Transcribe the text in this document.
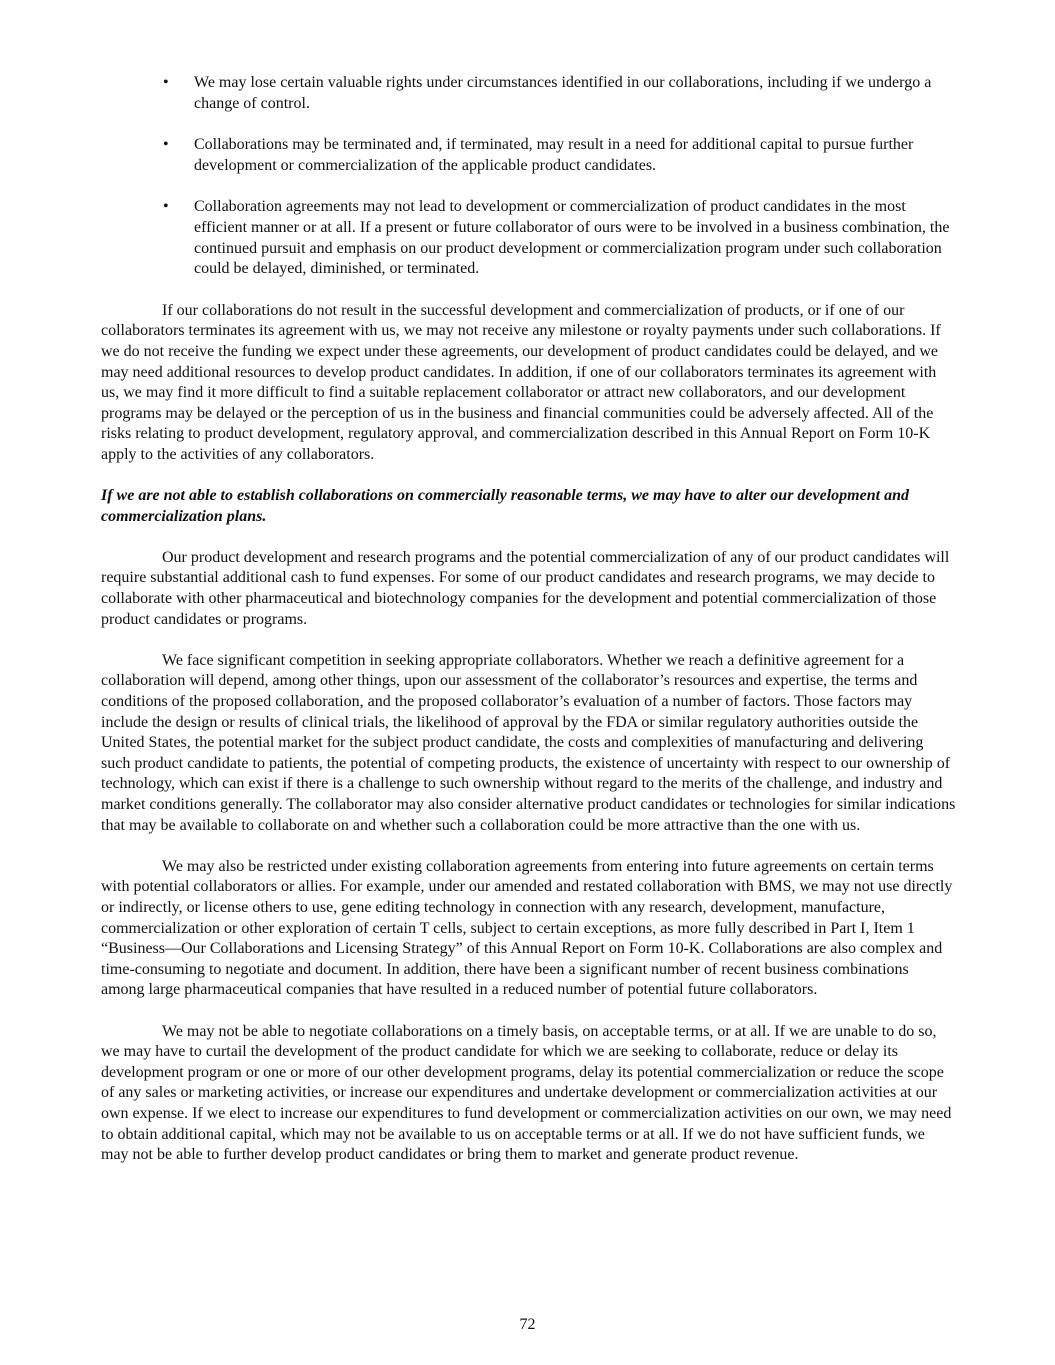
• We may lose certain valuable rights under circumstances identified in our collaborations, including if we undergo a change of control.
• Collaborations may be terminated and, if terminated, may result in a need for additional capital to pursue further development or commercialization of the applicable product candidates.
• Collaboration agreements may not lead to development or commercialization of product candidates in the most efficient manner or at all. If a present or future collaborator of ours were to be involved in a business combination, the continued pursuit and emphasis on our product development or commercialization program under such collaboration could be delayed, diminished, or terminated.

If our collaborations do not result in the successful development and commercialization of products, or if one of our collaborators terminates its agreement with us, we may not receive any milestone or royalty payments under such collaborations. If we do not receive the funding we expect under these agreements, our development of product candidates could be delayed, and we may need additional resources to develop product candidates. In addition, if one of our collaborators terminates its agreement with us, we may find it more difficult to find a suitable replacement collaborator or attract new collaborators, and our development programs may be delayed or the perception of us in the business and financial communities could be adversely affected. All of the risks relating to product development, regulatory approval, and commercialization described in this Annual Report on Form 10-K apply to the activities of any collaborators.

If we are not able to establish collaborations on commercially reasonable terms, we may have to alter our development and commercialization plans.

Our product development and research programs and the potential commercialization of any of our product candidates will require substantial additional cash to fund expenses. For some of our product candidates and research programs, we may decide to collaborate with other pharmaceutical and biotechnology companies for the development and potential commercialization of those product candidates or programs.

We face significant competition in seeking appropriate collaborators. Whether we reach a definitive agreement for a collaboration will depend, among other things, upon our assessment of the collaborator’s resources and expertise, the terms and conditions of the proposed collaboration, and the proposed collaborator’s evaluation of a number of factors. Those factors may include the design or results of clinical trials, the likelihood of approval by the FDA or similar regulatory authorities outside the United States, the potential market for the subject product candidate, the costs and complexities of manufacturing and delivering such product candidate to patients, the potential of competing products, the existence of uncertainty with respect to our ownership of technology, which can exist if there is a challenge to such ownership without regard to the merits of the challenge, and industry and market conditions generally. The collaborator may also consider alternative product candidates or technologies for similar indications that may be available to collaborate on and whether such a collaboration could be more attractive than the one with us.

We may also be restricted under existing collaboration agreements from entering into future agreements on certain terms with potential collaborators or allies. For example, under our amended and restated collaboration with BMS, we may not use directly or indirectly, or license others to use, gene editing technology in connection with any research, development, manufacture, commercialization or other exploration of certain T cells, subject to certain exceptions, as more fully described in Part I, Item 1 “Business—Our Collaborations and Licensing Strategy” of this Annual Report on Form 10-K. Collaborations are also complex and time-consuming to negotiate and document. In addition, there have been a significant number of recent business combinations among large pharmaceutical companies that have resulted in a reduced number of potential future collaborators.

We may not be able to negotiate collaborations on a timely basis, on acceptable terms, or at all. If we are unable to do so, we may have to curtail the development of the product candidate for which we are seeking to collaborate, reduce or delay its development program or one or more of our other development programs, delay its potential commercialization or reduce the scope of any sales or marketing activities, or increase our expenditures and undertake development or commercialization activities at our own expense. If we elect to increase our expenditures to fund development or commercialization activities on our own, we may need to obtain additional capital, which may not be available to us on acceptable terms or at all. If we do not have sufficient funds, we may not be able to further develop product candidates or bring them to market and generate product revenue.

72
